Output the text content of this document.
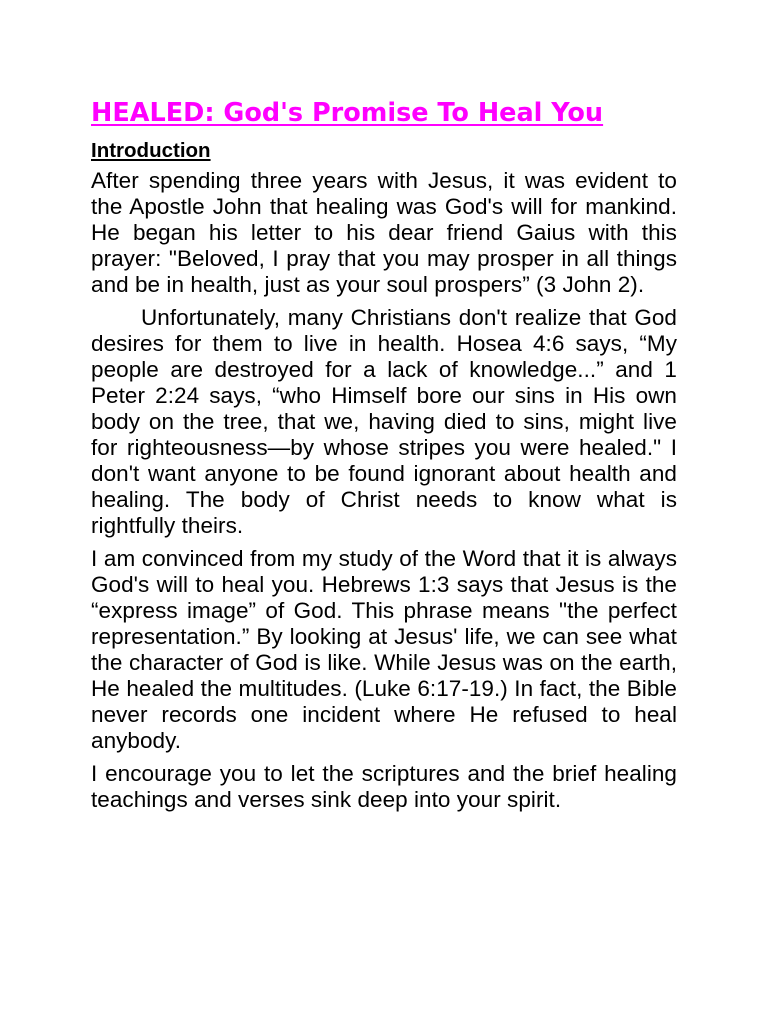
HEALED: God's Promise To Heal You
Introduction

After spending three years with Jesus, it was evident to the Apostle John that healing was God's will for mankind. He began his letter to his dear friend Gaius with this prayer: "Beloved, I pray that you may prosper in all things and be in health, just as your soul prospers” (3 John 2).

Unfortunately, many Christians don't realize that God desires for them to live in health. Hosea 4:6 says, “My people are destroyed for a lack of knowledge...” and 1 Peter 2:24 says, “who Himself bore our sins in His own body on the tree, that we, having died to sins, might live for righteousness—by whose stripes you were healed." I don't want anyone to be found ignorant about health and healing. The body of Christ needs to know what is rightfully theirs.

I am convinced from my study of the Word that it is always God's will to heal you. Hebrews 1:3 says that Jesus is the “express image” of God. This phrase means "the perfect representation.” By looking at Jesus' life, we can see what the character of God is like. While Jesus was on the earth, He healed the multitudes. (Luke 6:17-19.) In fact, the Bible never records one incident where He refused to heal anybody.

I encourage you to let the scriptures and the brief healing teachings and verses sink deep into your spirit.
